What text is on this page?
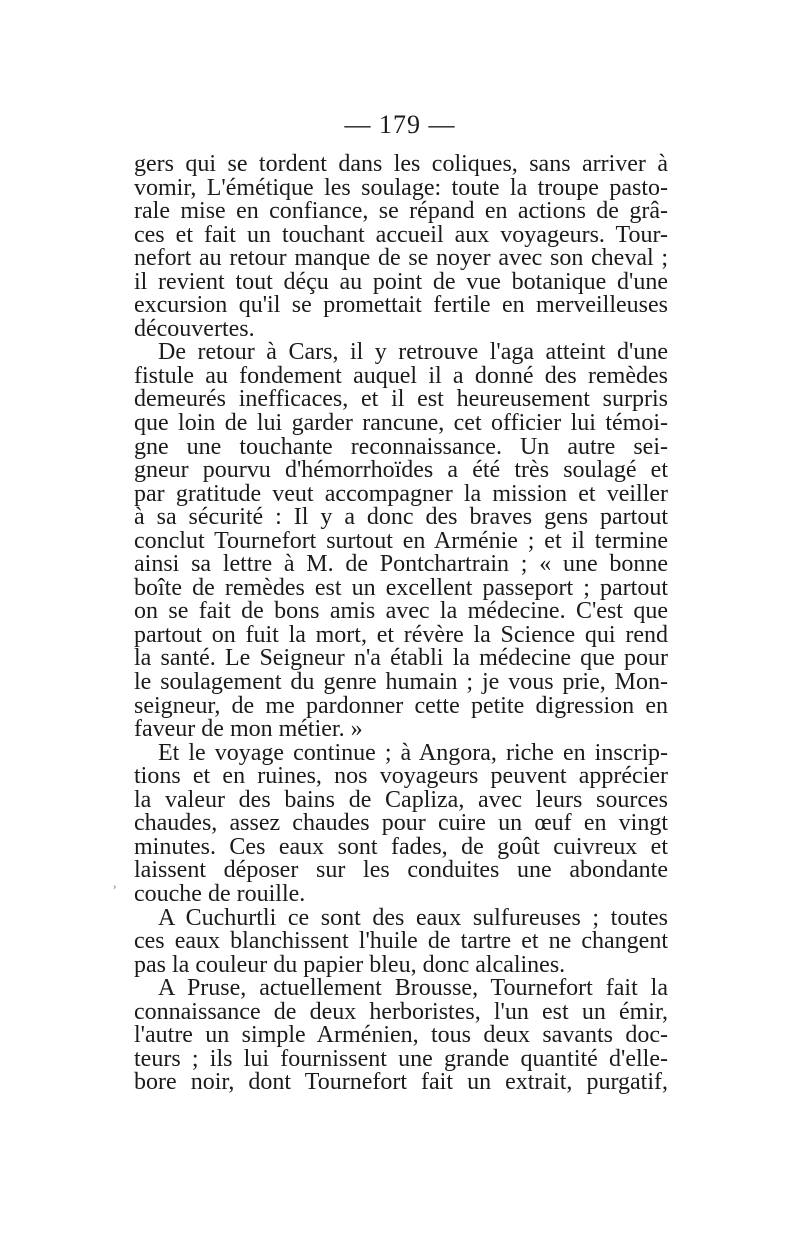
— 179 —
ʾ
gers qui se tordent dans les coliques, sans arriver à
vomir, L'émétique les soulage: toute la troupe pasto-
rale mise en confiance, se répand en actions de grâ-
ces et fait un touchant accueil aux voyageurs. Tour-
nefort au retour manque de se noyer avec son cheval ;
il revient tout déçu au point de vue botanique d'une
excursion qu'il se promettait fertile en merveilleuses
découvertes.
De retour à Cars, il y retrouve l'aga atteint d'une
fistule au fondement auquel il a donné des remèdes
demeurés inefficaces, et il est heureusement surpris
que loin de lui garder rancune, cet officier lui témoi-
gne une touchante reconnaissance. Un autre sei-
gneur pourvu d'hémorrhoïdes a été très soulagé et
par gratitude veut accompagner la mission et veiller
à sa sécurité : Il y a donc des braves gens partout
conclut Tournefort surtout en Arménie ; et il termine
ainsi sa lettre à M. de Pontchartrain ; « une bonne
boîte de remèdes est un excellent passeport ; partout
on se fait de bons amis avec la médecine. C'est que
partout on fuit la mort, et révère la Science qui rend
la santé. Le Seigneur n'a établi la médecine que pour
le soulagement du genre humain ; je vous prie, Mon-
seigneur, de me pardonner cette petite digression en
faveur de mon métier. »
Et le voyage continue ; à Angora, riche en inscrip-
tions et en ruines, nos voyageurs peuvent apprécier
la valeur des bains de Capliza, avec leurs sources
chaudes, assez chaudes pour cuire un œuf en vingt
minutes. Ces eaux sont fades, de goût cuivreux et
laissent déposer sur les conduites une abondante
couche de rouille.
A Cuchurtli ce sont des eaux sulfureuses ; toutes
ces eaux blanchissent l'huile de tartre et ne changent
pas la couleur du papier bleu, donc alcalines.
A Pruse, actuellement Brousse, Tournefort fait la
connaissance de deux herboristes, l'un est un émir,
l'autre un simple Arménien, tous deux savants doc-
teurs ; ils lui fournissent une grande quantité d'elle-
bore noir, dont Tournefort fait un extrait, purgatif,
